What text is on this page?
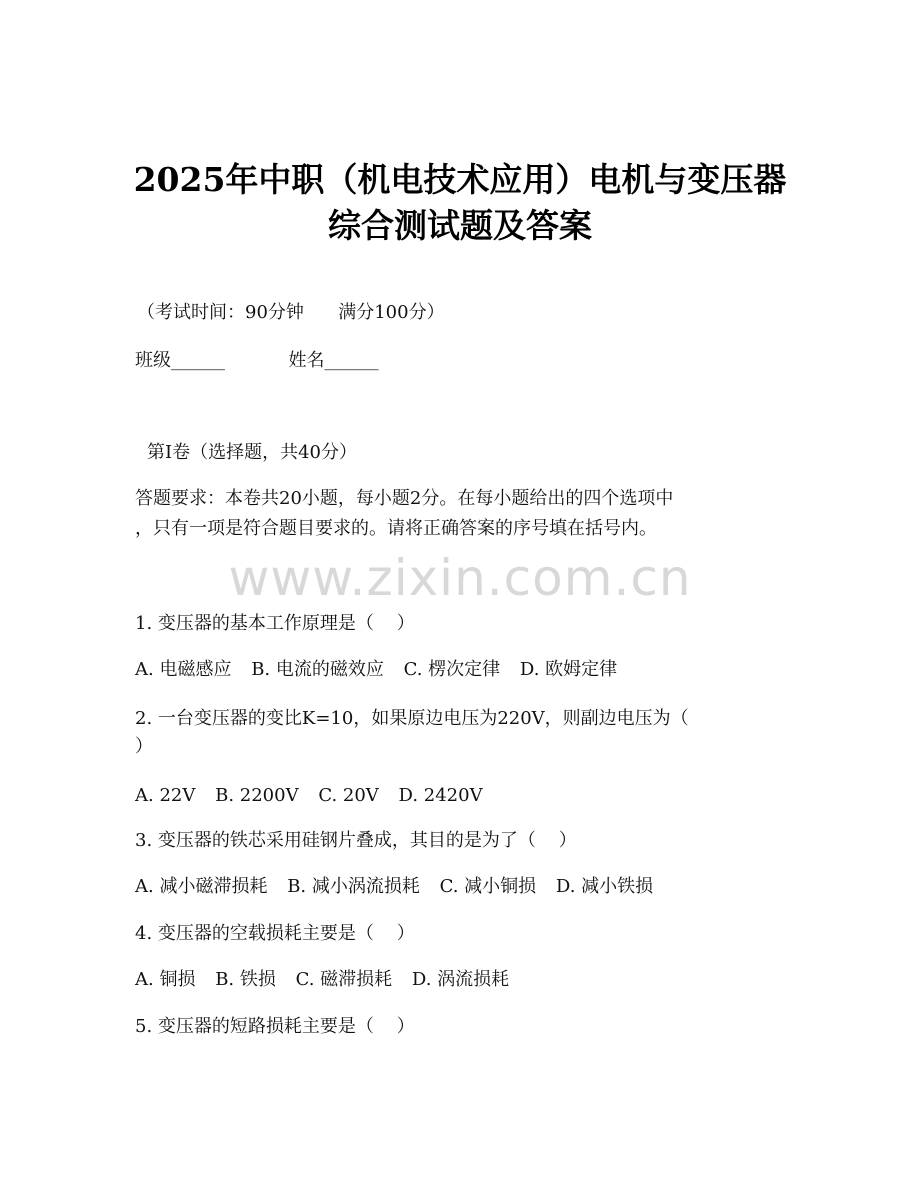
2025年中职（机电技术应用）电机与变压器
综合测试题及答案
（考试时间：90分钟      满分100分）
班级______	姓名______
第Ⅰ卷（选择题，共40分）
答题要求：本卷共20小题，每小题2分。在每小题给出的四个选项中
，只有一项是符合题目要求的。请将正确答案的序号填在括号内。
www.zixin.com.cn
1. 变压器的基本工作原理是（    ）
A. 电磁感应 B. 电流的磁效应 C. 楞次定律 D. 欧姆定律
2. 一台变压器的变比K=10，如果原边电压为220V，则副边电压为（
）
A. 22V B. 2200V C. 20V D. 2420V
3. 变压器的铁芯采用硅钢片叠成，其目的是为了（    ）
A. 减小磁滞损耗 B. 减小涡流损耗 C. 减小铜损 D. 减小铁损
4. 变压器的空载损耗主要是（    ）
A. 铜损 B. 铁损 C. 磁滞损耗 D. 涡流损耗
5. 变压器的短路损耗主要是（    ）
